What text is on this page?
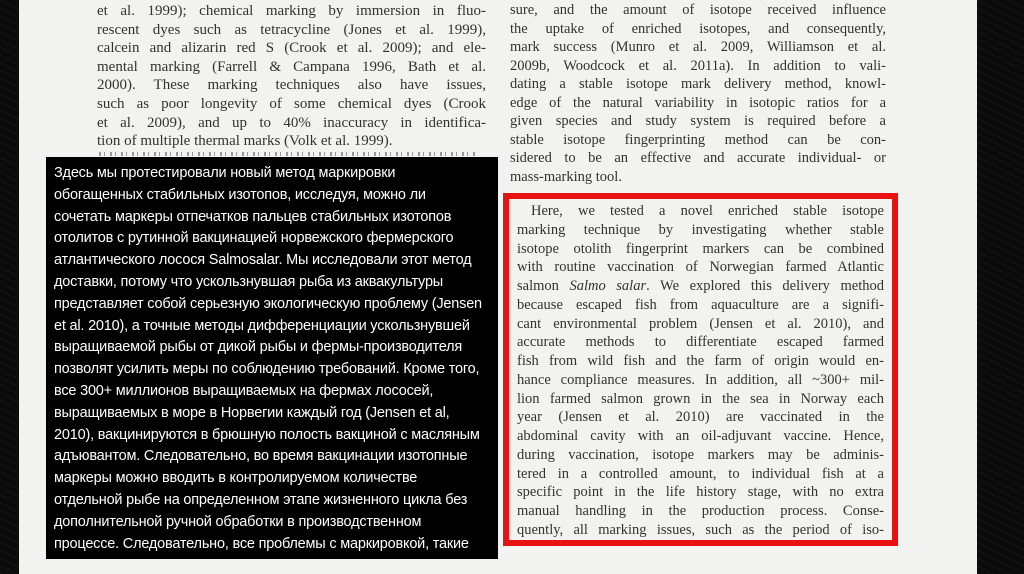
et al. 1999); chemical marking by immersion in fluo-
rescent dyes such as tetracycline (Jones et al. 1999),
calcein and alizarin red S (Crook et al. 2009); and ele-
mental marking (Farrell & Campana 1996, Bath et al.
2000). These marking techniques also have issues,
such as poor longevity of some chemical dyes (Crook
et al. 2009), and up to 40% inaccuracy in identifica-
tion of multiple thermal marks (Volk et al. 1999).
sure, and the amount of isotope received influence
the uptake of enriched isotopes, and consequently,
mark success (Munro et al. 2009, Williamson et al.
2009b, Woodcock et al. 2011a). In addition to vali-
dating a stable isotope mark delivery method, knowl-
edge of the natural variability in isotopic ratios for a
given species and study system is required before a
stable isotope fingerprinting method can be con-
sidered to be an effective and accurate individual- or
mass-marking tool.
Here, we tested a novel enriched stable isotope
marking technique by investigating whether stable
isotope otolith fingerprint markers can be combined
with routine vaccination of Norwegian farmed Atlantic
salmon Salmo salar. We explored this delivery method
because escaped fish from aquaculture are a signifi-
cant environmental problem (Jensen et al. 2010), and
accurate methods to differentiate escaped farmed
fish from wild fish and the farm of origin would en-
hance compliance measures. In addition, all ~300+ mil-
lion farmed salmon grown in the sea in Norway each
year (Jensen et al. 2010) are vaccinated in the
abdominal cavity with an oil-adjuvant vaccine. Hence,
during vaccination, isotope markers may be adminis-
tered in a controlled amount, to individual fish at a
specific point in the life history stage, with no extra
manual handling in the production process. Conse-
quently, all marking issues, such as the period of iso-
Здесь мы протестировали новый метод маркировки
обогащенных стабильных изотопов, исследуя, можно ли
сочетать маркеры отпечатков пальцев стабильных изотопов
отолитов с рутинной вакцинацией норвежского фермерского
атлантического лосося Salmosalar. Мы исследовали этот метод
доставки, потому что ускользнувшая рыба из аквакультуры
представляет собой серьезную экологическую проблему (Jensen
et al. 2010), а точные методы дифференциации ускользнувшей
выращиваемой рыбы от дикой рыбы и фермы-производителя
позволят усилить меры по соблюдению требований. Кроме того,
все 300+ миллионов выращиваемых на фермах лососей,
выращиваемых в море в Норвегии каждый год (Jensen et al,
2010), вакцинируются в брюшную полость вакциной с масляным
адъювантом. Следовательно, во время вакцинации изотопные
маркеры можно вводить в контролируемом количестве
отдельной рыбе на определенном этапе жизненного цикла без
дополнительной ручной обработки в производственном
процессе. Следовательно, все проблемы с маркировкой, такие
